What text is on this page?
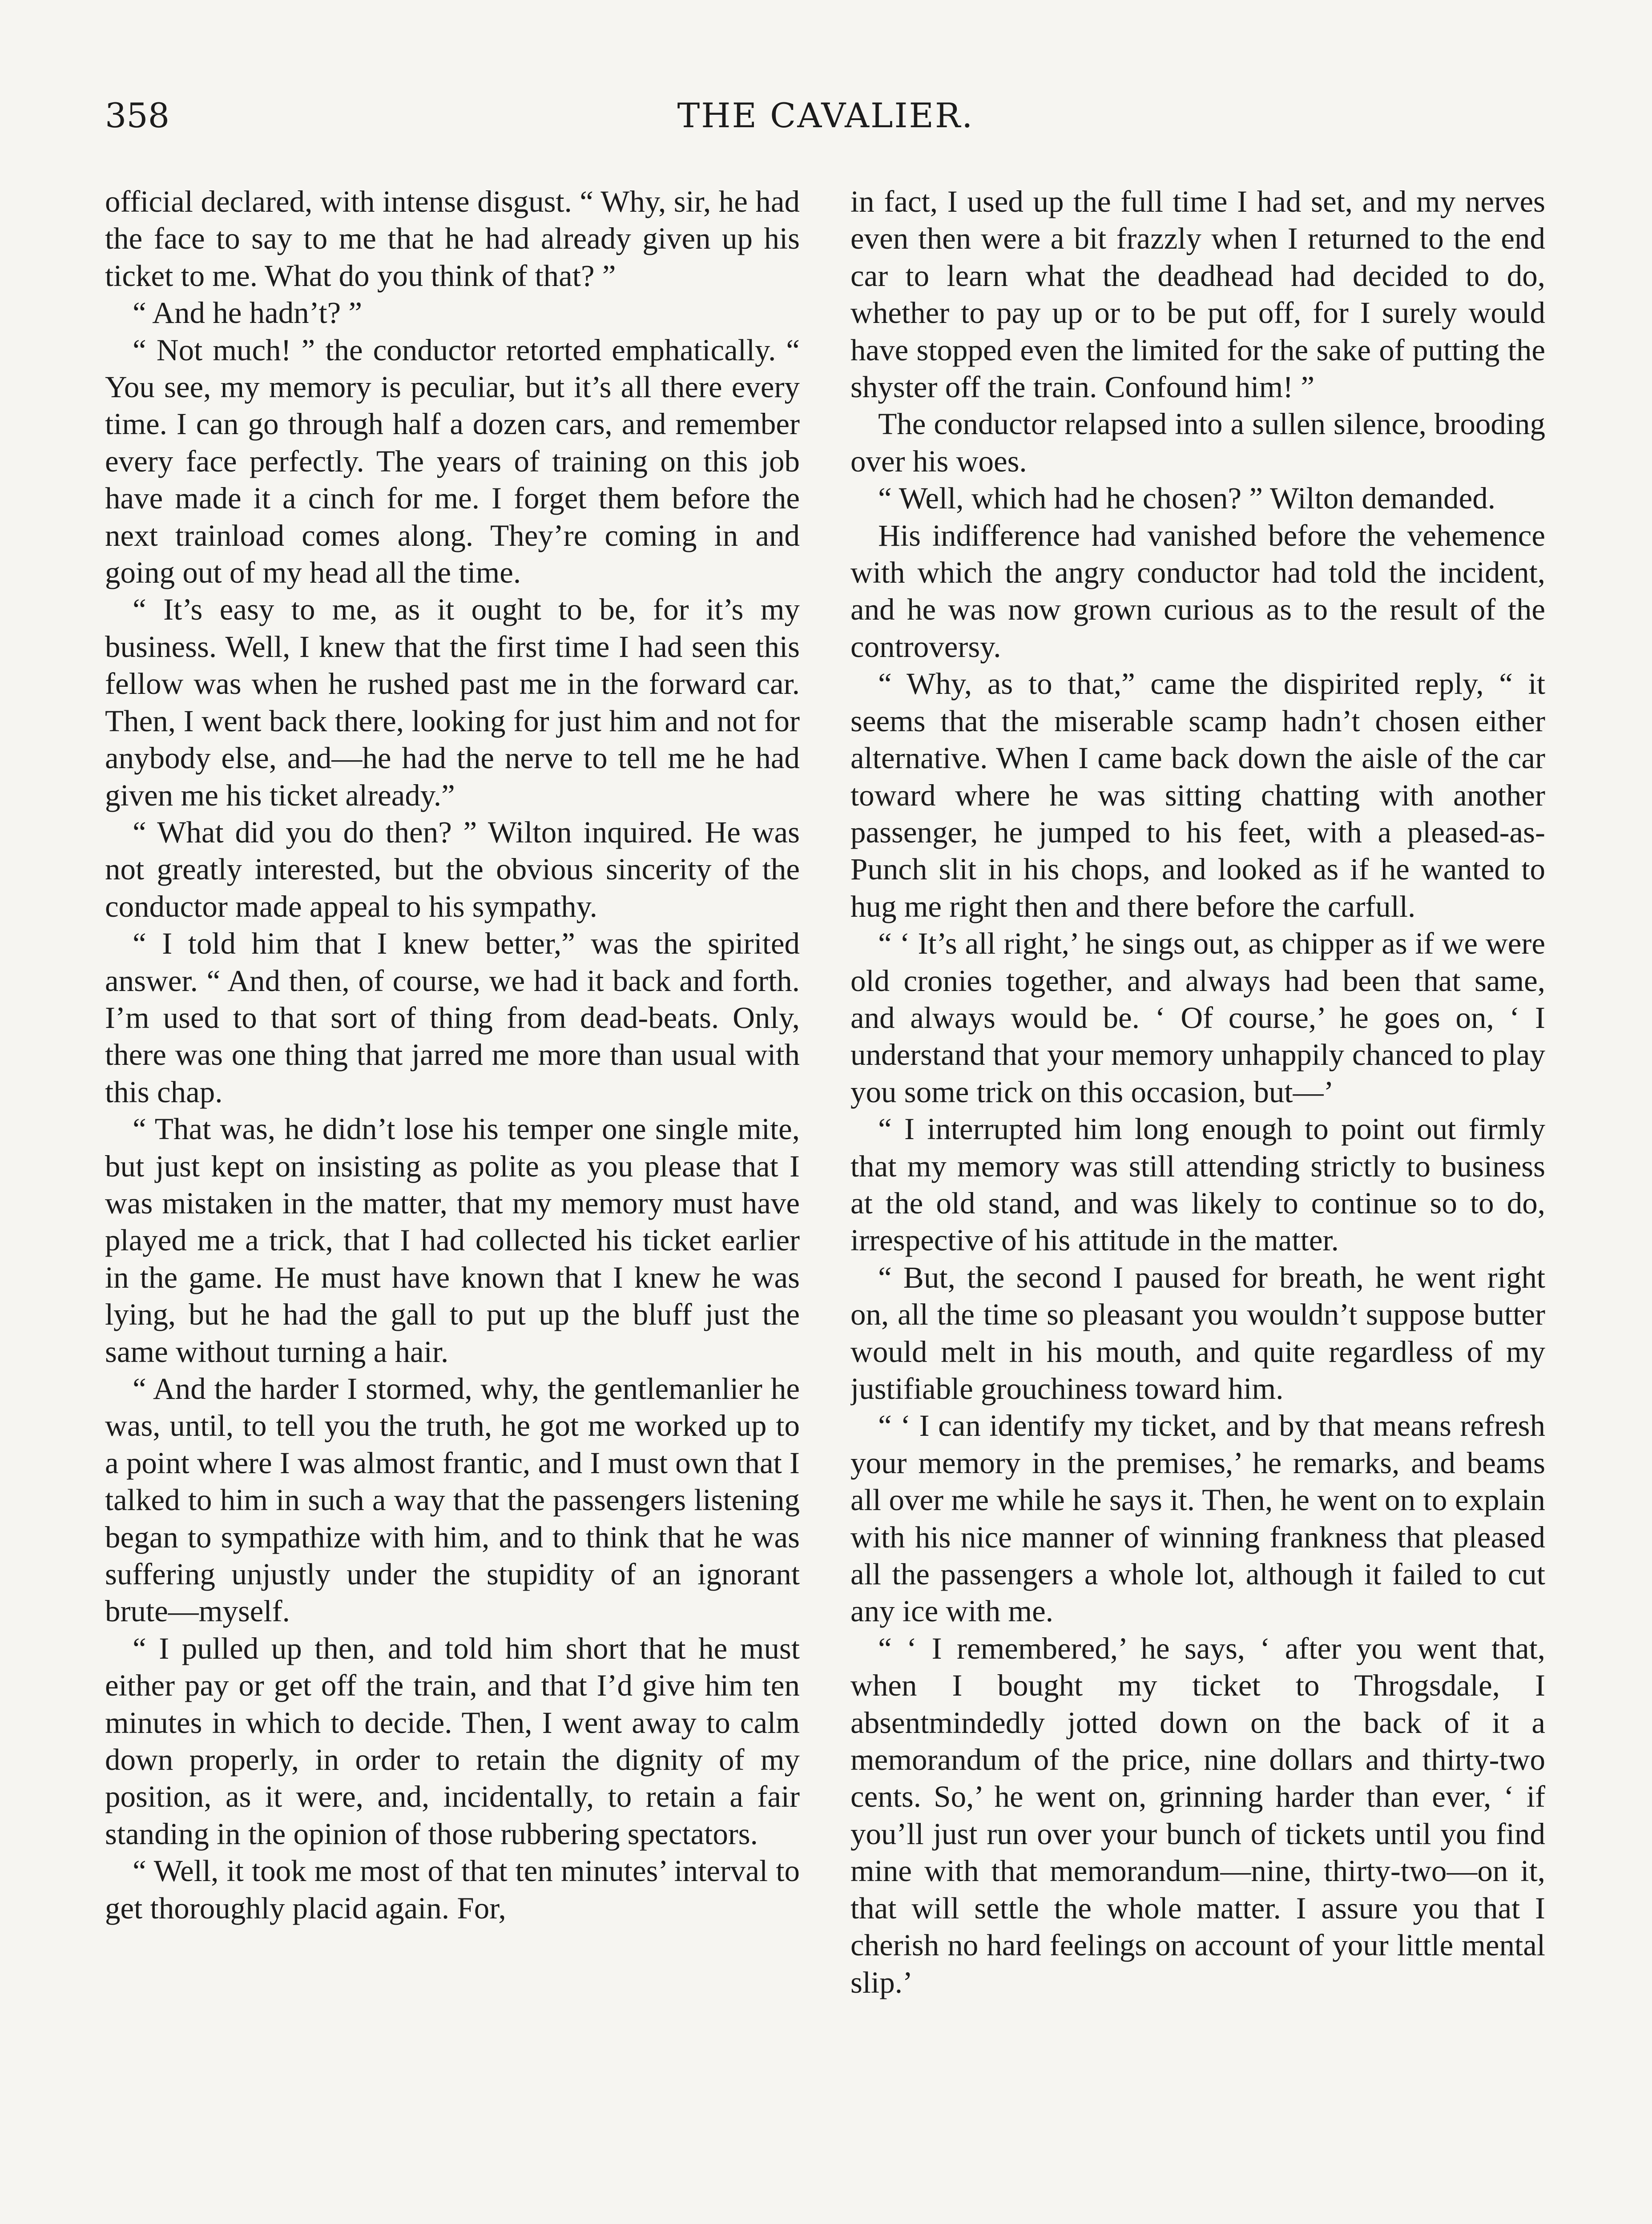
358	THE CAVALIER.

official declared, with intense disgust. “ Why, sir, he had the face to say to me that he had already given up his ticket to me. What do you think of that? ”

“ And he hadn’t? ”

“ Not much! ” the conductor retorted emphatically. “ You see, my memory is peculiar, but it’s all there every time. I can go through half a dozen cars, and remember every face perfectly. The years of training on this job have made it a cinch for me. I forget them before the next trainload comes along. They’re coming in and going out of my head all the time.

“ It’s easy to me, as it ought to be, for it’s my business. Well, I knew that the first time I had seen this fellow was when he rushed past me in the forward car. Then, I went back there, looking for just him and not for anybody else, and—he had the nerve to tell me he had given me his ticket already.”

“ What did you do then? ” Wilton inquired. He was not greatly interested, but the obvious sincerity of the conductor made appeal to his sympathy.

“ I told him that I knew better,” was the spirited answer. “ And then, of course, we had it back and forth. I’m used to that sort of thing from dead-beats. Only, there was one thing that jarred me more than usual with this chap.

“ That was, he didn’t lose his temper one single mite, but just kept on insisting as polite as you please that I was mistaken in the matter, that my memory must have played me a trick, that I had collected his ticket earlier in the game. He must have known that I knew he was lying, but he had the gall to put up the bluff just the same without turning a hair.

“ And the harder I stormed, why, the gentlemanlier he was, until, to tell you the truth, he got me worked up to a point where I was almost frantic, and I must own that I talked to him in such a way that the passengers listening began to sympathize with him, and to think that he was suffering unjustly under the stupidity of an ignorant brute—myself.

“ I pulled up then, and told him short that he must either pay or get off the train, and that I’d give him ten minutes in which to decide. Then, I went away to calm down properly, in order to retain the dignity of my position, as it were, and, incidentally, to retain a fair standing in the opinion of those rubbering spectators.

“ Well, it took me most of that ten minutes’ interval to get thoroughly placid again. For,

in fact, I used up the full time I had set, and my nerves even then were a bit frazzly when I returned to the end car to learn what the deadhead had decided to do, whether to pay up or to be put off, for I surely would have stopped even the limited for the sake of putting the shyster off the train. Confound him! ”

The conductor relapsed into a sullen silence, brooding over his woes.

“ Well, which had he chosen? ” Wilton demanded.

His indifference had vanished before the vehemence with which the angry conductor had told the incident, and he was now grown curious as to the result of the controversy.

“ Why, as to that,” came the dispirited reply, “ it seems that the miserable scamp hadn’t chosen either alternative. When I came back down the aisle of the car toward where he was sitting chatting with another passenger, he jumped to his feet, with a pleased-as-Punch slit in his chops, and looked as if he wanted to hug me right then and there before the carfull.

“ ‘ It’s all right,’ he sings out, as chipper as if we were old cronies together, and always had been that same, and always would be. ‘ Of course,’ he goes on, ‘ I understand that your memory unhappily chanced to play you some trick on this occasion, but—’

“ I interrupted him long enough to point out firmly that my memory was still attending strictly to business at the old stand, and was likely to continue so to do, irrespective of his attitude in the matter.

“ But, the second I paused for breath, he went right on, all the time so pleasant you wouldn’t suppose butter would melt in his mouth, and quite regardless of my justifiable grouchiness toward him.

“ ‘ I can identify my ticket, and by that means refresh your memory in the premises,’ he remarks, and beams all over me while he says it. Then, he went on to explain with his nice manner of winning frankness that pleased all the passengers a whole lot, although it failed to cut any ice with me.

“ ‘ I remembered,’ he says, ‘ after you went that, when I bought my ticket to Throgsdale, I absentmindedly jotted down on the back of it a memorandum of the price, nine dollars and thirty-two cents. So,’ he went on, grinning harder than ever, ‘ if you’ll just run over your bunch of tickets until you find mine with that memorandum—nine, thirty-two—on it, that will settle the whole matter. I assure you that I cherish no hard feelings on account of your little mental slip.’
